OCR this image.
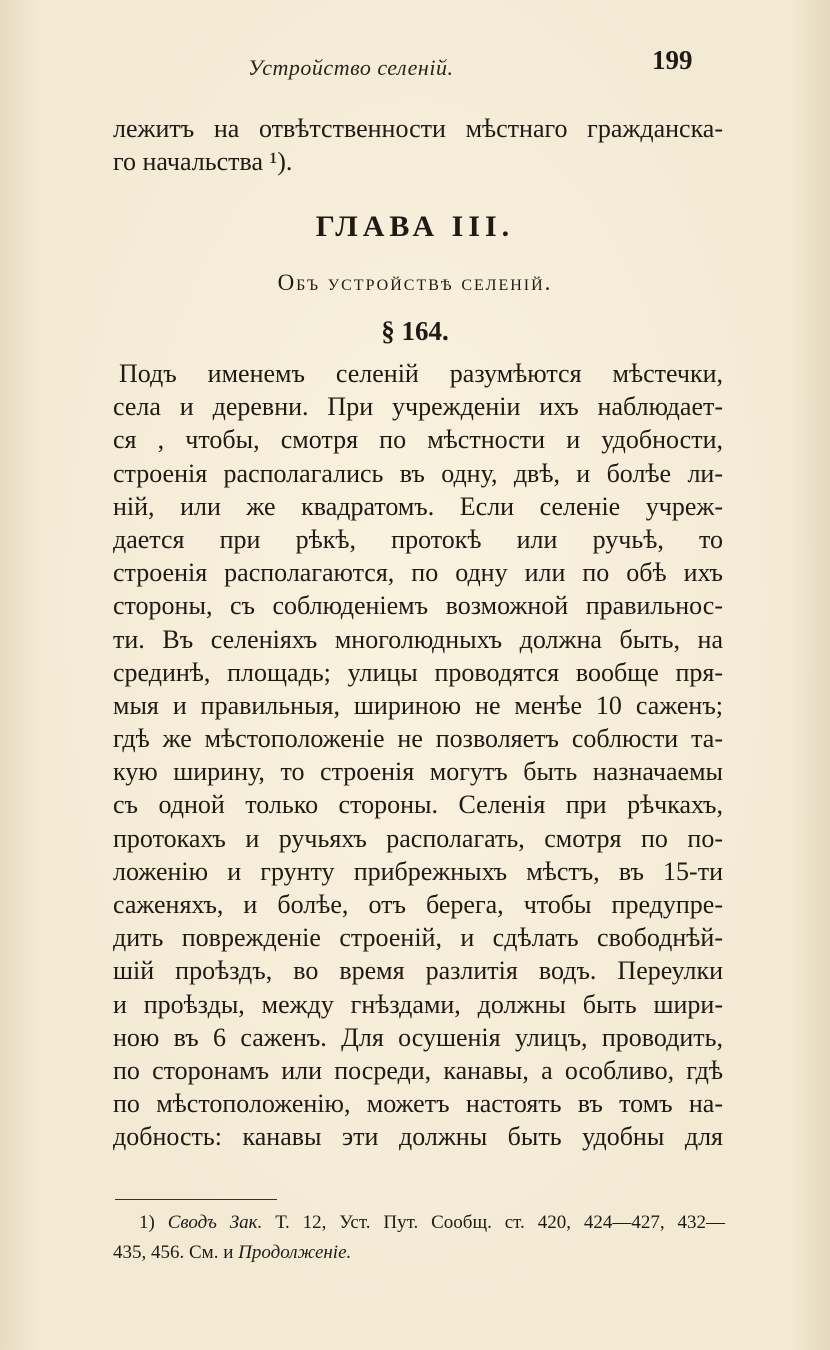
Устройство селеній.	199
лежитъ на отвѣтственности мѣстнаго гражданска-
го начальства ¹).
ГЛАВА III.
Объ устройствѣ селеній.
§ 164.
Подъ именемъ селеній разумѣются мѣстечки,
села и деревни. При учрежденіи ихъ наблюдает-
ся , чтобы, смотря по мѣстности и удобности,
строенія располагались въ одну, двѣ, и болѣе ли-
ній, или же квадратомъ. Если селеніе учреж-
дается при рѣкѣ, протокѣ или ручьѣ, то
строенія располагаются, по одну или по обѣ ихъ
стороны, съ соблюденіемъ возможной правильнос-
ти. Въ селеніяхъ многолюдныхъ должна быть, на
срединѣ, площадь; улицы проводятся вообще пря-
мыя и правильныя, шириною не менѣе 10 саженъ;
гдѣ же мѣстоположеніе не позволяетъ соблюсти та-
кую ширину, то строенія могутъ быть назначаемы
съ одной только стороны. Селенія при рѣчкахъ,
протокахъ и ручьяхъ располагать, смотря по по-
ложенію и грунту прибрежныхъ мѣстъ, въ 15-ти
саженяхъ, и болѣе, отъ берега, чтобы предупре-
дить поврежденіе строеній, и сдѣлать свободнѣй-
шій проѣздъ, во время разлитія водъ. Переулки
и проѣзды, между гнѣздами, должны быть шири-
ною въ 6 саженъ. Для осушенія улицъ, проводить,
по сторонамъ или посреди, канавы, а особливо, гдѣ
по мѣстоположенію, можетъ настоять въ томъ на-
добность: канавы эти должны быть удобны для
1) Сводъ Зак. Т. 12, Уст. Пут. Сообщ. ст. 420, 424—427, 432—
435, 456. См. и Продолженіе.
